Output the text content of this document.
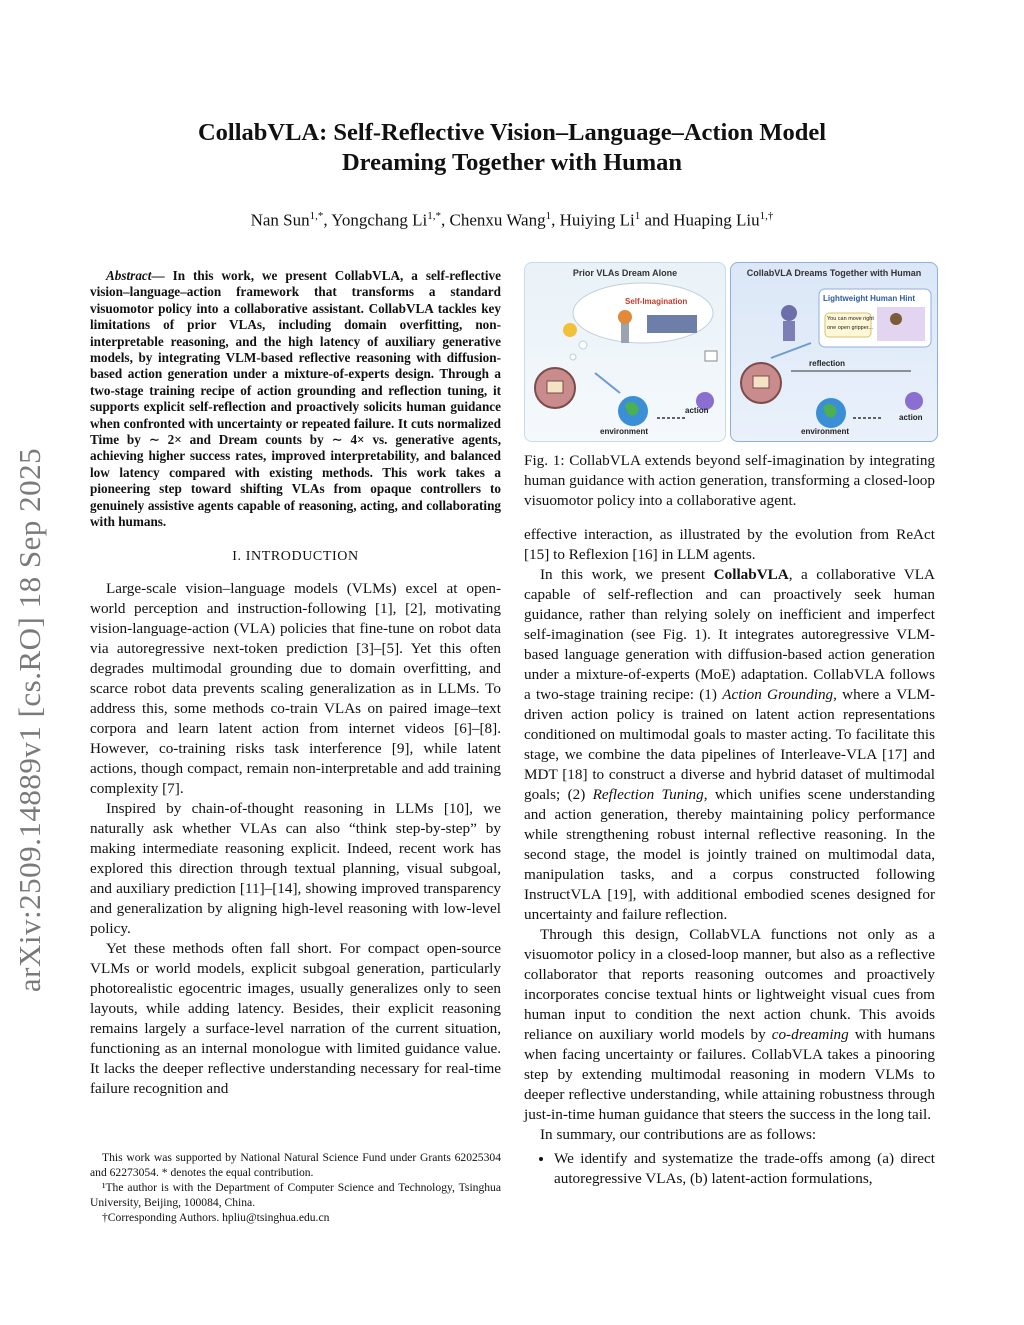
arXiv:2509.14889v1 [cs.RO] 18 Sep 2025
CollabVLA: Self-Reflective Vision–Language–Action Model
Dreaming Together with Human
Nan Sun$^{1,*}$, Yongchang $Li^{1,*}$, Chenxu Wang$^1$, Huiying Li$^1$ and Huaping Liu$^{1,\dagger}$

Abstract— In this work, we present CollabVLA, a self-reflective vision–language–action framework that transforms a standard visuomotor policy into a collaborative assistant. CollabVLA tackles key limitations of prior VLAs, including domain overfitting, non-interpretable reasoning, and the high latency of auxiliary generative models, by integrating VLM-based reflective reasoning with diffusion-based action generation under a mixture-of-experts design. Through a two-stage training recipe of action grounding and reflection tuning, it supports explicit self-reflection and proactively solicits human guidance when confronted with uncertainty or repeated failure. It cuts normalized Time by ∼ 2× and Dream counts by ∼ 4× vs. generative agents, achieving higher success rates, improved interpretability, and balanced low latency compared with existing methods. This work takes a pioneering step toward shifting VLAs from opaque controllers to genuinely assistive agents capable of reasoning, acting, and collaborating with humans.

I. INTRODUCTION

Large-scale vision–language models (VLMs) excel at open-world perception and instruction-following [1], [2], motivating vision-language-action (VLA) policies that fine-tune on robot data via autoregressive next-token prediction [3]–[5]. Yet this often degrades multimodal grounding due to domain overfitting, and scarce robot data prevents scaling generalization as in LLMs. To address this, some methods co-train VLAs on paired image–text corpora and learn latent action from internet videos [6]–[8]. However, co-training risks task interference [9], while latent actions, though compact, remain non-interpretable and add training complexity [7].

Inspired by chain-of-thought reasoning in LLMs [10], we naturally ask whether VLAs can also “think step-by-step” by making intermediate reasoning explicit. Indeed, recent work has explored this direction through textual planning, visual subgoal, and auxiliary prediction [11]–[14], showing improved transparency and generalization by aligning high-level reasoning with low-level policy.

Yet these methods often fall short. For compact open-source VLMs or world models, explicit subgoal generation, particularly photorealistic egocentric images, usually generalizes only to seen layouts, while adding latency. Besides, their explicit reasoning remains largely a surface-level narration of the current situation, functioning as an internal monologue with limited guidance value. It lacks the deeper reflective understanding necessary for real-time failure recognition and

This work was supported by National Natural Science Fund under Grants 62025304 and 62273054. * denotes the equal contribution.

¹The author is with the Department of Computer Science and Technology, Tsinghua University, Beijing, 100084, China.

†Corresponding Authors. hpliu@tsinghua.edu.cn

Prior VLAs Dream Alone
Self-Imagination
action
environment
CollabVLA Dreams Together with Human
Lightweight Human Hint
You can move right
one open gripper...
reflection
action
environment
Fig. 1: CollabVLA extends beyond self-imagination by integrating human guidance with action generation, transforming a closed-loop visuomotor policy into a collaborative agent.

effective interaction, as illustrated by the evolution from ReAct [15] to Reflexion [16] in LLM agents.

In this work, we present CollabVLA, a collaborative VLA capable of self-reflection and can proactively seek human guidance, rather than relying solely on inefficient and imperfect self-imagination (see Fig. 1). It integrates autoregressive VLM-based language generation with diffusion-based action generation under a mixture-of-experts (MoE) adaptation. CollabVLA follows a two-stage training recipe: (1) Action Grounding, where a VLM-driven action policy is trained on latent action representations conditioned on multimodal goals to master acting. To facilitate this stage, we combine the data pipelines of Interleave-VLA [17] and MDT [18] to construct a diverse and hybrid dataset of multimodal goals; (2) Reflection Tuning, which unifies scene understanding and action generation, thereby maintaining policy performance while strengthening robust internal reflective reasoning. In the second stage, the model is jointly trained on multimodal data, manipulation tasks, and a corpus constructed following InstructVLA [19], with additional embodied scenes designed for uncertainty and failure reflection.

Through this design, CollabVLA functions not only as a visuomotor policy in a closed-loop manner, but also as a reflective collaborator that reports reasoning outcomes and proactively incorporates concise textual hints or lightweight visual cues from human input to condition the next action chunk. This avoids reliance on auxiliary world models by co-dreaming with humans when facing uncertainty or failures. CollabVLA takes a pinooring step by extending multimodal reasoning in modern VLMs to deeper reflective understanding, while attaining robustness through just-in-time human guidance that steers the success in the long tail.

In summary, our contributions are as follows:

• We identify and systematize the trade-offs among (a) direct autoregressive VLAs, (b) latent-action formulations,
